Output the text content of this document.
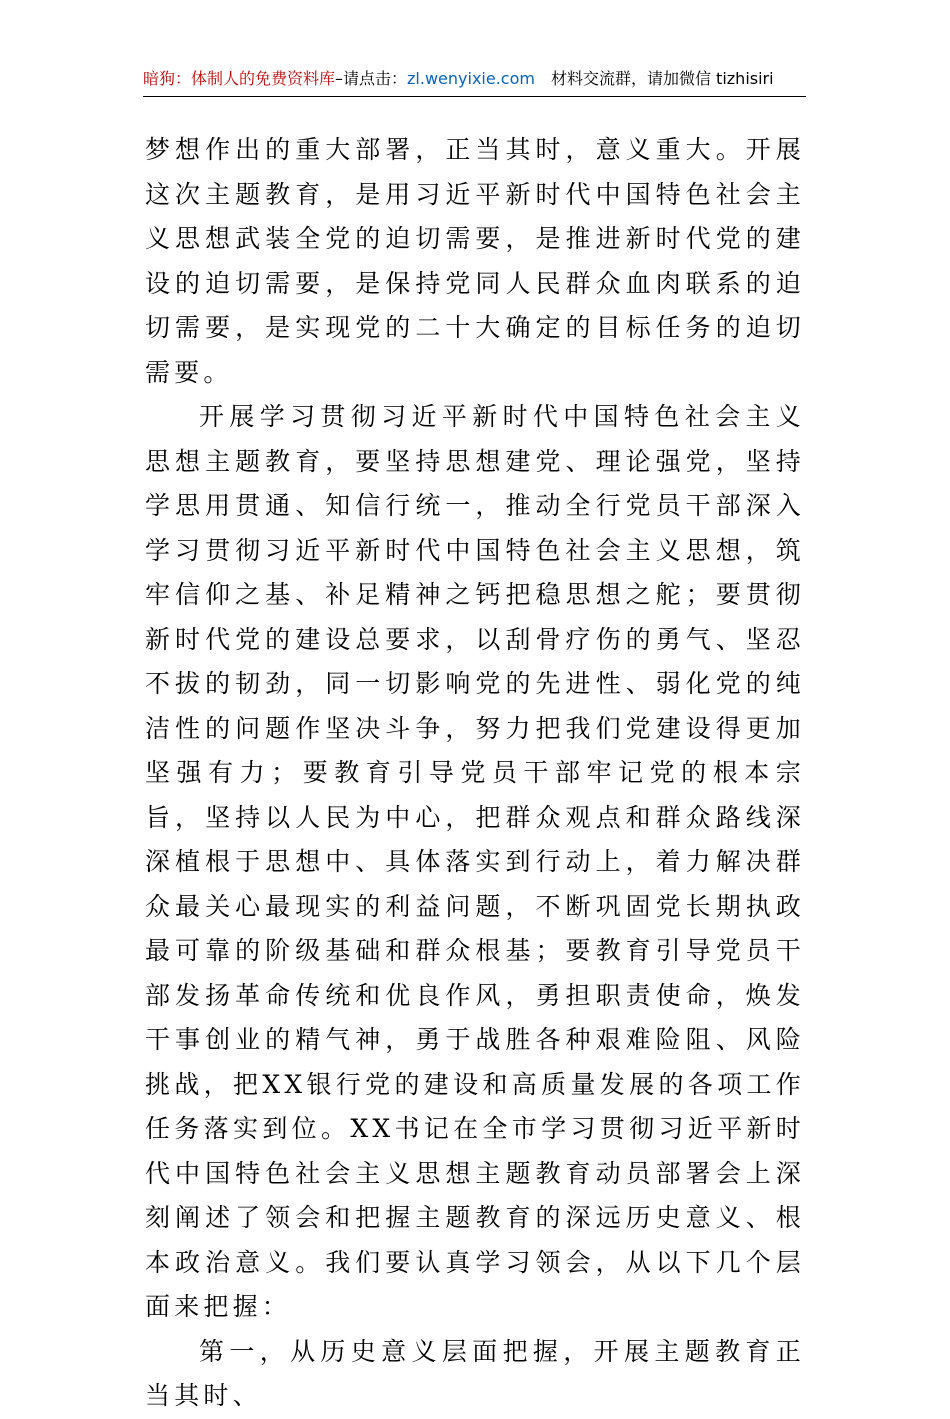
暗狗：体制人的免费资料库–请点击：zl.wenyixie.com 材料交流群，请加微信 tizhisiri

梦想作出的重大部署，正当其时，意义重大。开展这次主题教育，是用习近平新时代中国特色社会主义思想武装全党的迫切需要，是推进新时代党的建设的迫切需要，是保持党同人民群众血肉联系的迫切需要，是实现党的二十大确定的目标任务的迫切需要。

开展学习贯彻习近平新时代中国特色社会主义思想主题教育，要坚持思想建党、理论强党，坚持学思用贯通、知信行统一，推动全行党员干部深入学习贯彻习近平新时代中国特色社会主义思想，筑牢信仰之基、补足精神之钙把稳思想之舵；要贯彻新时代党的建设总要求，以刮骨疗伤的勇气、坚忍不拔的韧劲，同一切影响党的先进性、弱化党的纯洁性的问题作坚决斗争，努力把我们党建设得更加坚强有力；要教育引导党员干部牢记党的根本宗旨，坚持以人民为中心，把群众观点和群众路线深深植根于思想中、具体落实到行动上，着力解决群众最关心最现实的利益问题，不断巩固党长期执政最可靠的阶级基础和群众根基；要教育引导党员干部发扬革命传统和优良作风，勇担职责使命，焕发干事创业的精气神，勇于战胜各种艰难险阻、风险挑战，把XX银行党的建设和高质量发展的各项工作任务落实到位。XX书记在全市学习贯彻习近平新时代中国特色社会主义思想主题教育动员部署会上深刻阐述了领会和把握主题教育的深远历史意义、根本政治意义。我们要认真学习领会，从以下几个层面来把握：

第一，从历史意义层面把握，开展主题教育正当其时、
